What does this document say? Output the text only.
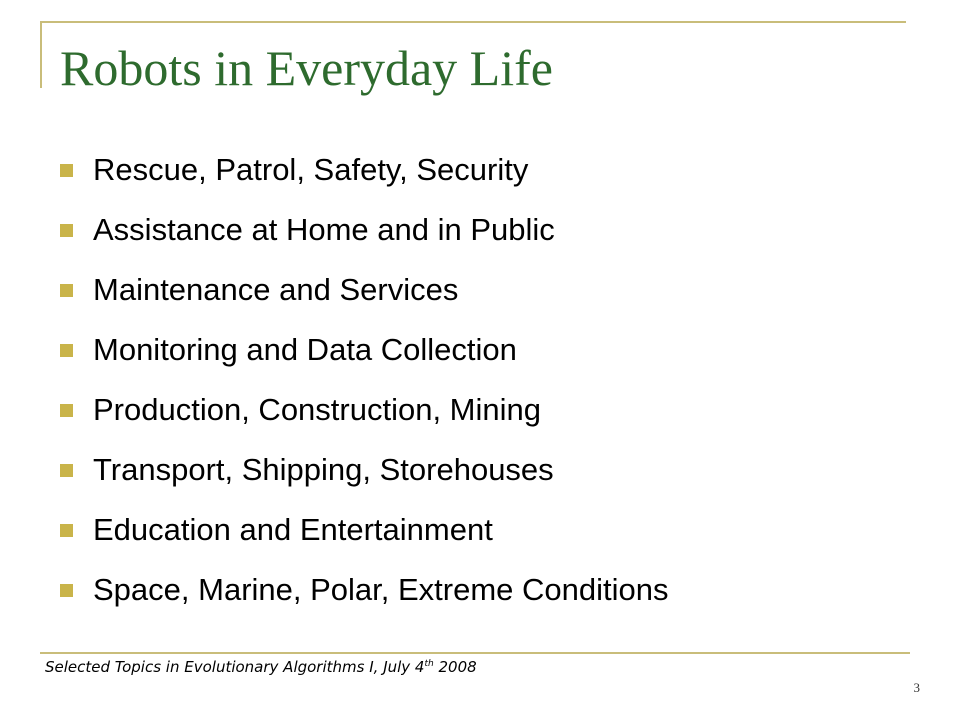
Robots in Everyday Life
Rescue, Patrol, Safety, Security
Assistance at Home and in Public
Maintenance and Services
Monitoring and Data Collection
Production, Construction, Mining
Transport, Shipping, Storehouses
Education and Entertainment
Space, Marine, Polar, Extreme Conditions
Selected Topics in Evolutionary Algorithms I, July 4th 2008
3
